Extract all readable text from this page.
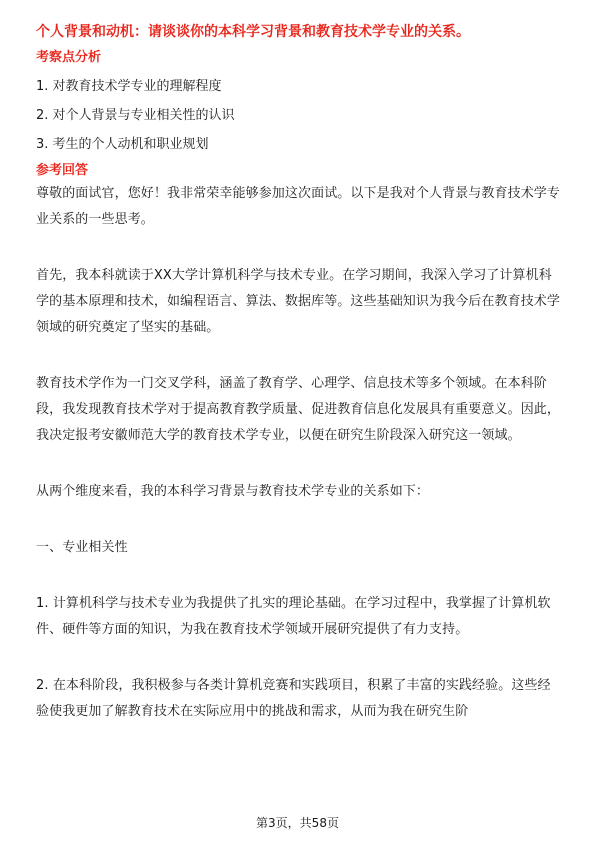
个人背景和动机：请谈谈你的本科学习背景和教育技术学专业的关系。

考察点分析

1. 对教育技术学专业的理解程度

2. 对个人背景与专业相关性的认识

3. 考生的个人动机和职业规划

参考回答

尊敬的面试官，您好！我非常荣幸能够参加这次面试。以下是我对个人背景与教育技术学专业关系的一些思考。

首先，我本科就读于XX大学计算机科学与技术专业。在学习期间，我深入学习了计算机科学的基本原理和技术，如编程语言、算法、数据库等。这些基础知识为我今后在教育技术学领域的研究奠定了坚实的基础。

教育技术学作为一门交叉学科，涵盖了教育学、心理学、信息技术等多个领域。在本科阶段，我发现教育技术学对于提高教育教学质量、促进教育信息化发展具有重要意义。因此，我决定报考安徽师范大学的教育技术学专业，以便在研究生阶段深入研究这一领域。

从两个维度来看，我的本科学习背景与教育技术学专业的关系如下：

一、专业相关性

1. 计算机科学与技术专业为我提供了扎实的理论基础。在学习过程中，我掌握了计算机软件、硬件等方面的知识，为我在教育技术学领域开展研究提供了有力支持。

2. 在本科阶段，我积极参与各类计算机竞赛和实践项目，积累了丰富的实践经验。这些经验使我更加了解教育技术在实际应用中的挑战和需求，从而为我在研究生阶

第3页，共58页
